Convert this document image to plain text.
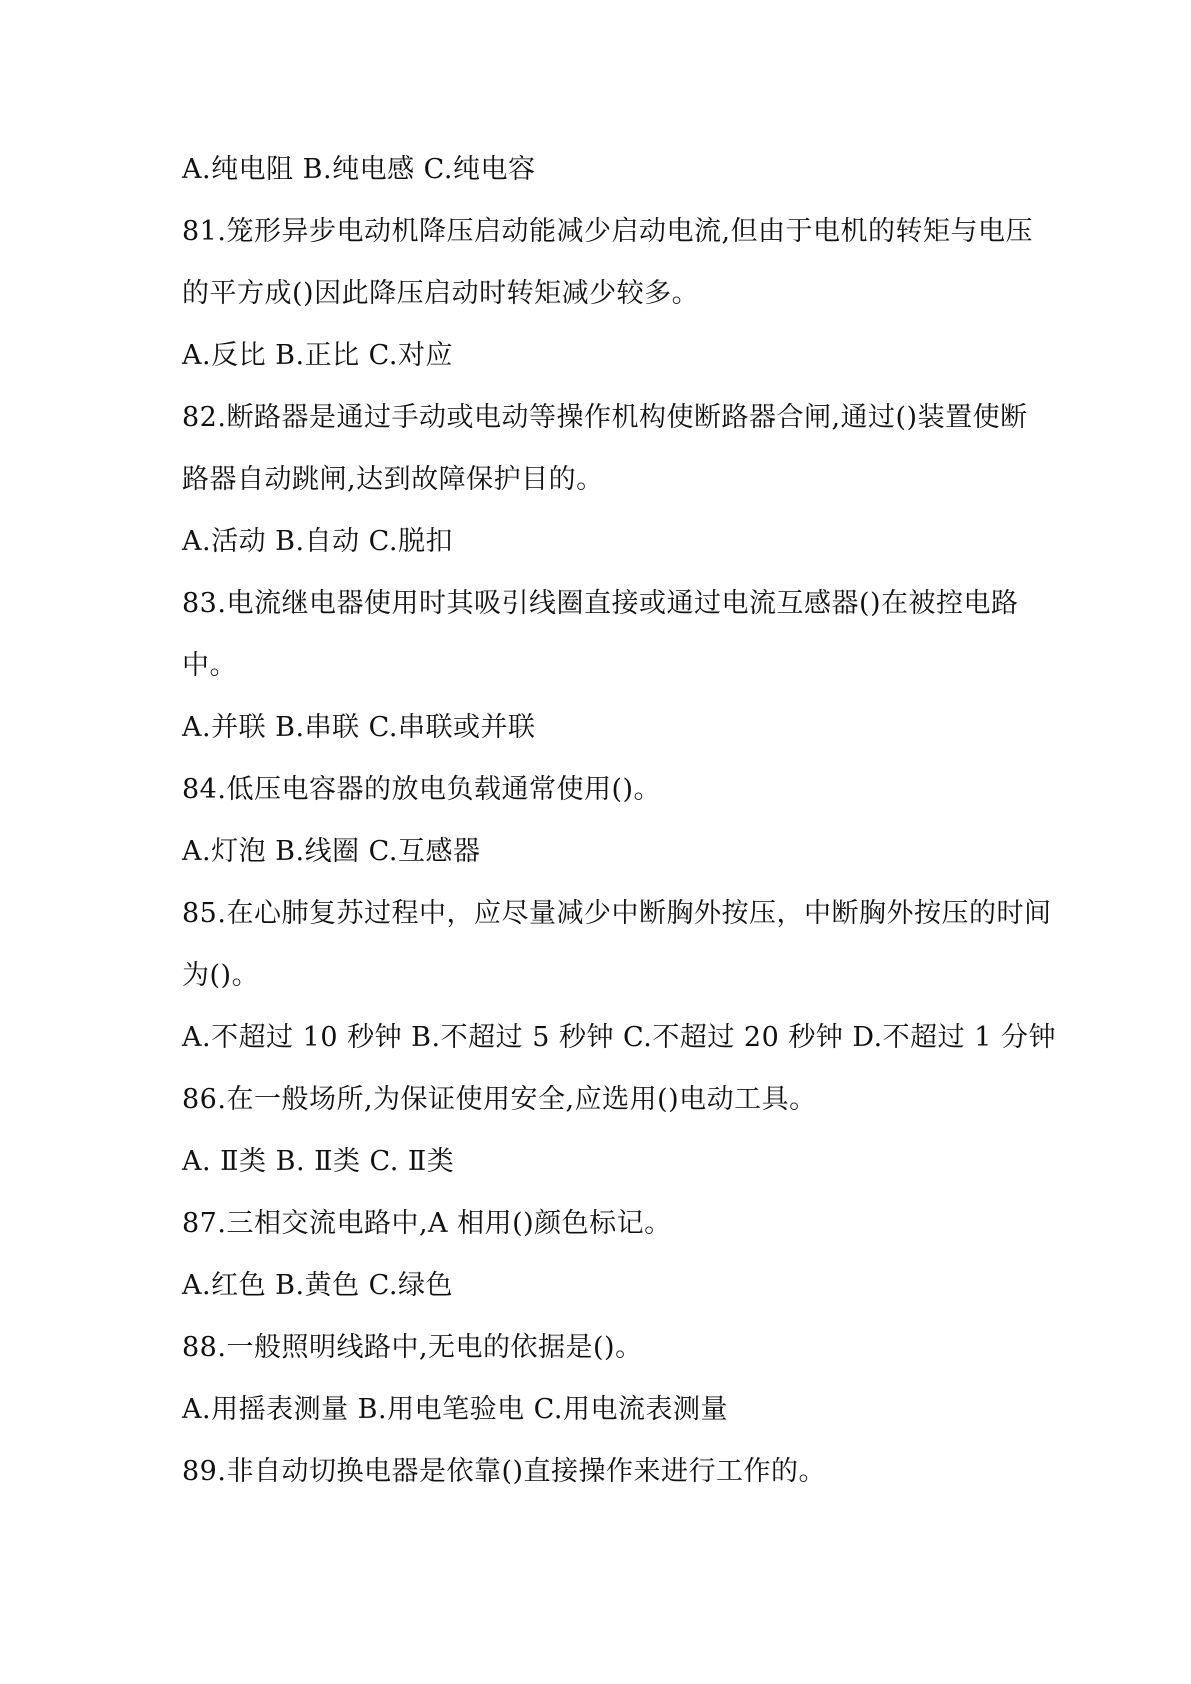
A.纯电阻 B.纯电感 C.纯电容

81.笼形异步电动机降压启动能减少启动电流,但由于电机的转矩与电压

的平方成()因此降压启动时转矩减少较多。

A.反比 B.正比 C.对应

82.断路器是通过手动或电动等操作机构使断路器合闸,通过()装置使断

路器自动跳闸,达到故障保护目的。

A.活动 B.自动 C.脱扣

83.电流继电器使用时其吸引线圈直接或通过电流互感器()在被控电路

中。

A.并联 B.串联 C.串联或并联

84.低压电容器的放电负载通常使用()。

A.灯泡 B.线圈 C.互感器

85.在心肺复苏过程中，应尽量减少中断胸外按压，中断胸外按压的时间

为()。

A.不超过 10 秒钟 B.不超过 5 秒钟 C.不超过 20 秒钟 D.不超过 1 分钟

86.在一般场所,为保证使用安全,应选用()电动工具。

A. Ⅱ类 B. Ⅱ类 C. Ⅱ类

87.三相交流电路中,A 相用()颜色标记。

A.红色 B.黄色 C.绿色

88.一般照明线路中,无电的依据是()。

A.用摇表测量 B.用电笔验电 C.用电流表测量

89.非自动切换电器是依靠()直接操作来进行工作的。
